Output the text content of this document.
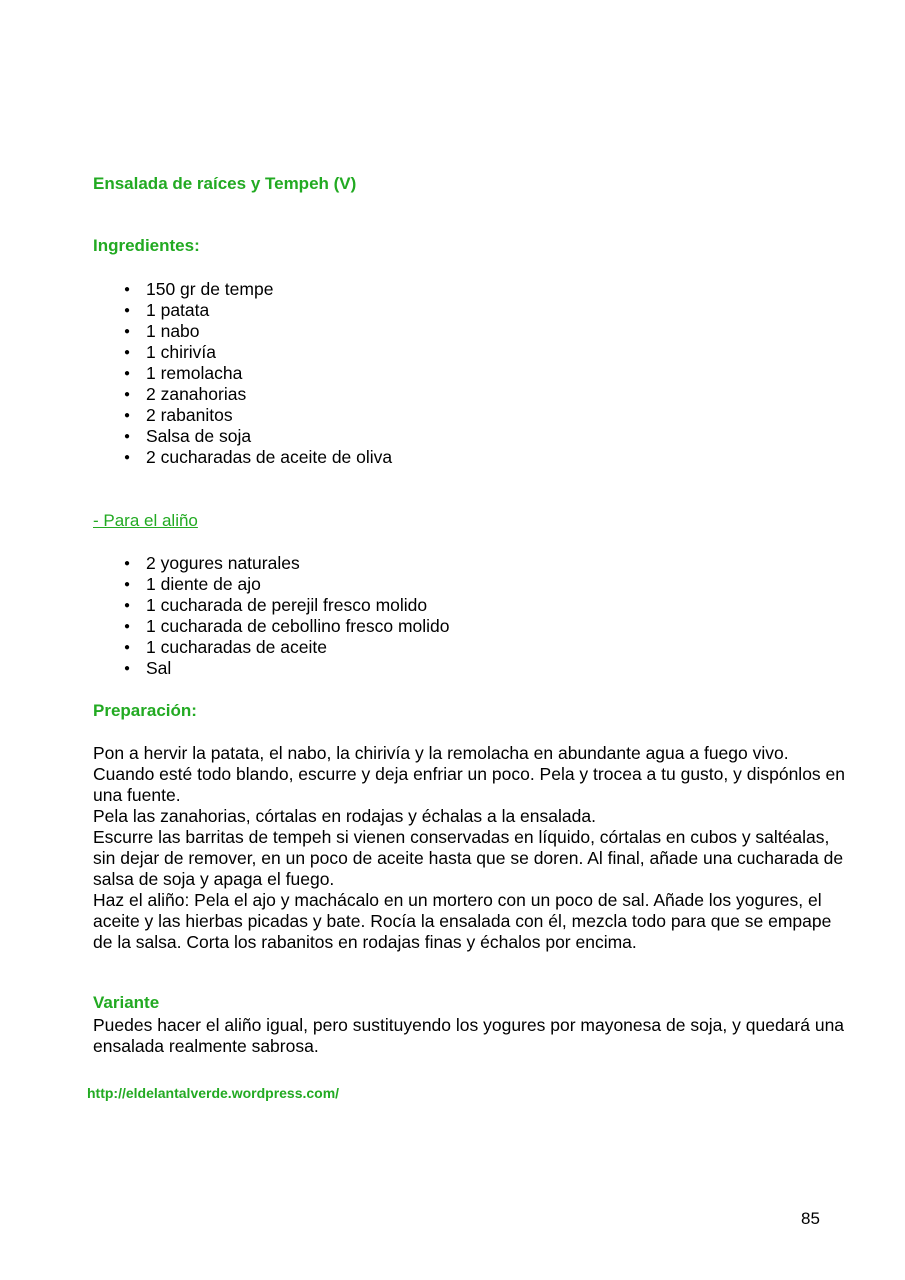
Ensalada de raíces y Tempeh (V)
Ingredientes:
● 150 gr de tempe
● 1 patata
● 1 nabo
● 1 chirivía
● 1 remolacha
● 2 zanahorias
● 2 rabanitos
● Salsa de soja
● 2 cucharadas de aceite de oliva
- Para el aliño
● 2 yogures naturales
● 1 diente de ajo
● 1 cucharada de perejil fresco molido
● 1 cucharada de cebollino fresco molido
● 1 cucharadas de aceite
● Sal
Preparación:

Pon a hervir la patata, el nabo, la chirivía y la remolacha en abundante agua a fuego vivo. Cuando esté todo blando, escurre y deja enfriar un poco. Pela y trocea a tu gusto, y dispónlos en una fuente.

Pela las zanahorias, córtalas en rodajas y échalas a la ensalada.

Escurre las barritas de tempeh si vienen conservadas en líquido, córtalas en cubos y saltéalas, sin dejar de remover, en un poco de aceite hasta que se doren. Al final, añade una cucharada de salsa de soja y apaga el fuego.

Haz el aliño: Pela el ajo y machácalo en un mortero con un poco de sal. Añade los yogures, el aceite y las hierbas picadas y bate. Rocía la ensalada con él, mezcla todo para que se empape de la salsa. Corta los rabanitos en rodajas finas y échalos por encima.

Variante

Puedes hacer el aliño igual, pero sustituyendo los yogures por mayonesa de soja, y quedará una ensalada realmente sabrosa.

http://eldelantalverde.wordpress.com/
85
